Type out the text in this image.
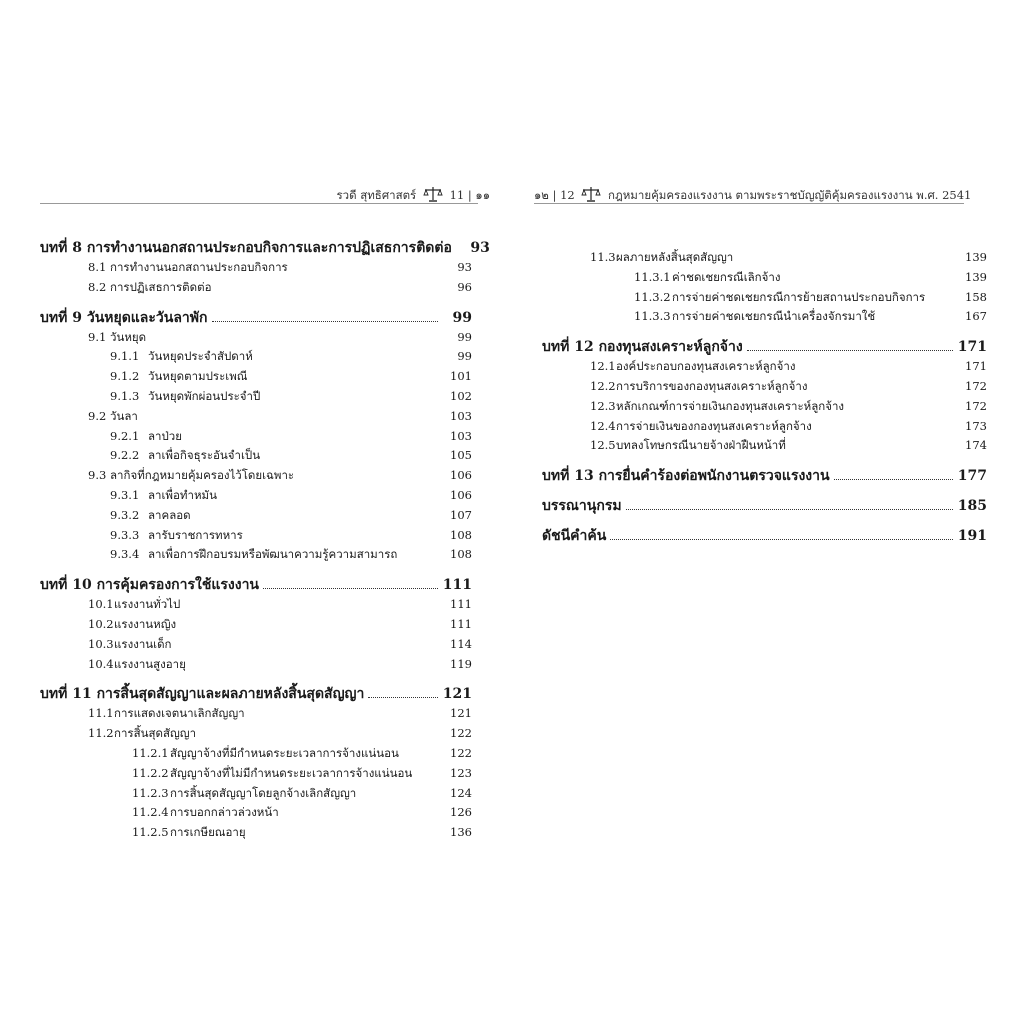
รวดี สุทธิศาสตร์	11 | ๑๑
บทที่ 8 การทำงานนอกสถานประกอบกิจการและการปฏิเสธการติดต่อ	93
8.1 การทำงานนอกสถานประกอบกิจการ	93
8.2 การปฏิเสธการติดต่อ	96
บทที่ 9 วันหยุดและวันลาพัก	99
9.1 วันหยุด	99
9.1.1 วันหยุดประจำสัปดาห์	99
9.1.2 วันหยุดตามประเพณี	101
9.1.3 วันหยุดพักผ่อนประจำปี	102
9.2 วันลา	103
9.2.1 ลาป่วย	103
9.2.2 ลาเพื่อกิจธุระอันจำเป็น	105
9.3 ลากิจที่กฎหมายคุ้มครองไว้โดยเฉพาะ	106
9.3.1 ลาเพื่อทำหมัน	106
9.3.2 ลาคลอด	107
9.3.3 ลารับราชการทหาร	108
9.3.4 ลาเพื่อการฝึกอบรมหรือพัฒนาความรู้ความสามารถ	108
บทที่ 10 การคุ้มครองการใช้แรงงาน	111
10.1แรงงานทั่วไป	111
10.2แรงงานหญิง	111
10.3แรงงานเด็ก	114
10.4แรงงานสูงอายุ	119
บทที่ 11 การสิ้นสุดสัญญาและผลภายหลังสิ้นสุดสัญญา	121
11.1การแสดงเจตนาเลิกสัญญา	121
11.2การสิ้นสุดสัญญา	122
11.2.1สัญญาจ้างที่มีกำหนดระยะเวลาการจ้างแน่นอน	122
11.2.2สัญญาจ้างที่ไม่มีกำหนดระยะเวลาการจ้างแน่นอน	123
11.2.3การสิ้นสุดสัญญาโดยลูกจ้างเลิกสัญญา	124
11.2.4การบอกกล่าวล่วงหน้า	126
11.2.5การเกษียณอายุ	136
๑๒ | 12	กฎหมายคุ้มครองแรงงาน ตามพระราชบัญญัติคุ้มครองแรงงาน พ.ศ. 2541
11.3ผลภายหลังสิ้นสุดสัญญา	139
11.3.1ค่าชดเชยกรณีเลิกจ้าง	139
11.3.2การจ่ายค่าชดเชยกรณีการย้ายสถานประกอบกิจการ	158
11.3.3การจ่ายค่าชดเชยกรณีนำเครื่องจักรมาใช้	167
บทที่ 12 กองทุนสงเคราะห์ลูกจ้าง	171
12.1องค์ประกอบกองทุนสงเคราะห์ลูกจ้าง	171
12.2การบริการของกองทุนสงเคราะห์ลูกจ้าง	172
12.3หลักเกณฑ์การจ่ายเงินกองทุนสงเคราะห์ลูกจ้าง	172
12.4การจ่ายเงินของกองทุนสงเคราะห์ลูกจ้าง	173
12.5บทลงโทษกรณีนายจ้างฝ่าฝืนหน้าที่	174
บทที่ 13 การยื่นคำร้องต่อพนักงานตรวจแรงงาน	177
บรรณานุกรม	185
ดัชนีคำค้น	191
